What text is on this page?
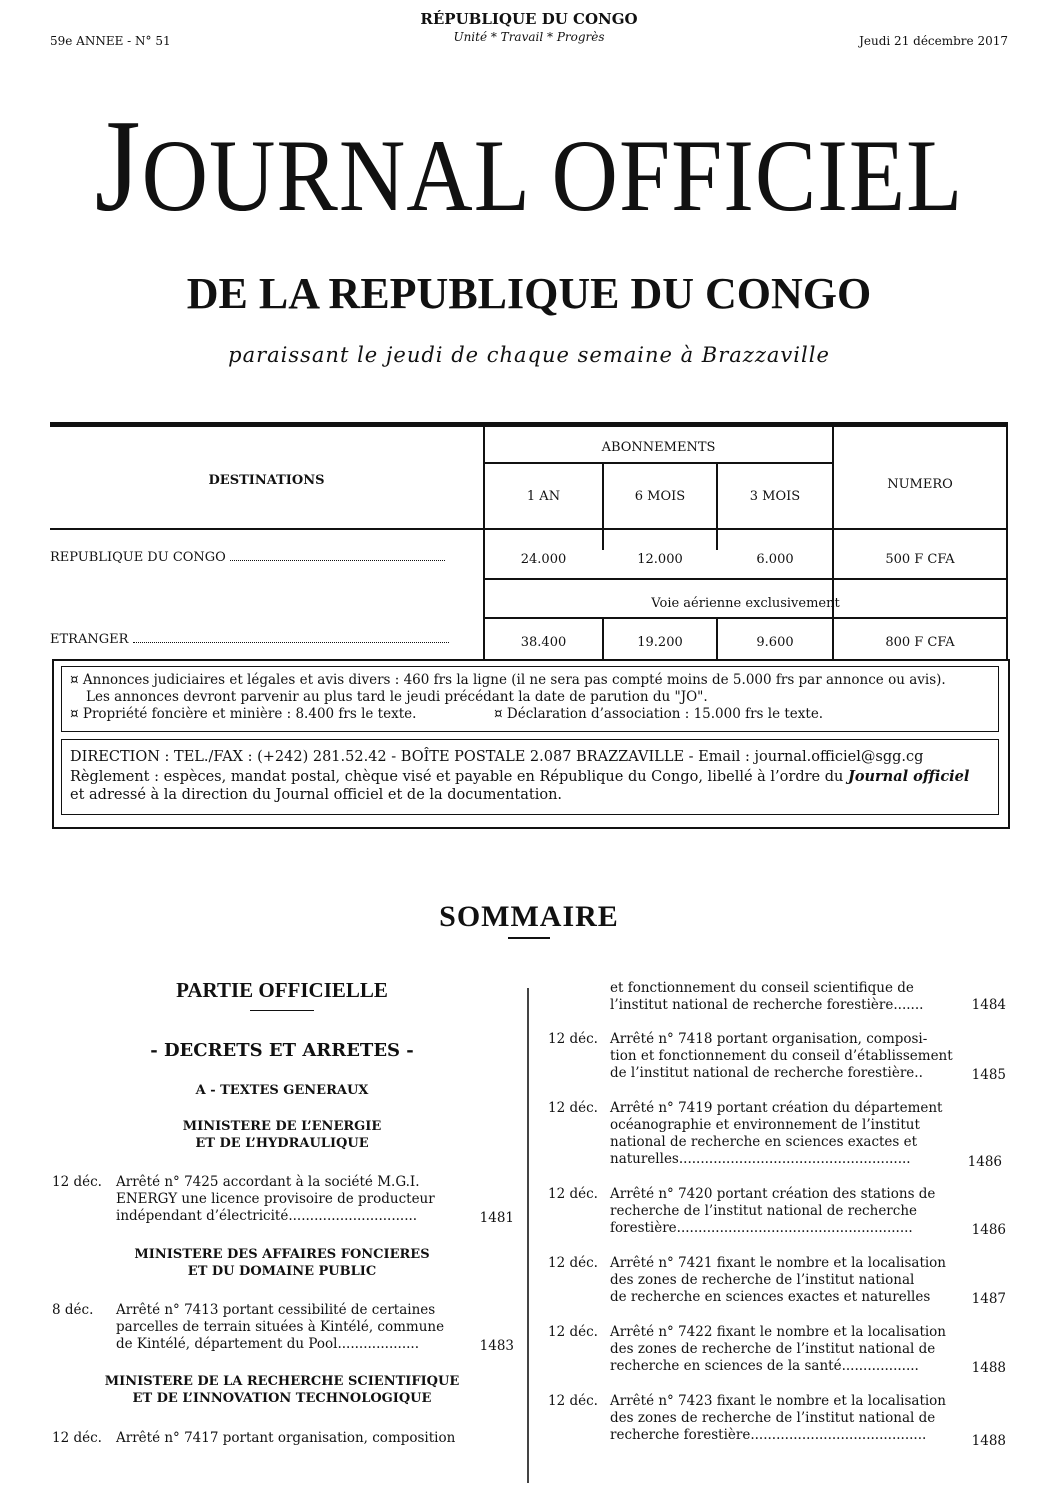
59e ANNEE - N° 51
RÉPUBLIQUE DU CONGO
Unité * Travail * Progrès	Jeudi 21 décembre 2017
JOURNAL OFFICIEL
DE LA REPUBLIQUE DU CONGO
paraissant le jeudi de chaque semaine à Brazzaville
DESTINATIONS
ABONNEMENTS
NUMERO
1 AN	6 MOIS	3 MOIS
REPUBLIQUE DU CONGO	24.000	12.000	6.000	500 F CFA
Voie aérienne exclusivement
ETRANGER	38.400	19.200	9.600	800 F CFA
¤ Annonces judiciaires et légales et avis divers : 460 frs la ligne (il ne sera pas compté moins de 5.000 frs par annonce ou avis).
Les annonces devront parvenir au plus tard le jeudi précédant la date de parution du "JO".
¤ Propriété foncière et minière : 8.400 frs le texte.	¤ Déclaration d’association : 15.000 frs le texte.
DIRECTION : TEL./FAX : (+242) 281.52.42 - BOÎTE POSTALE 2.087 BRAZZAVILLE - Email : journal.officiel@sgg.cg
Règlement : espèces, mandat postal, chèque visé et payable en République du Congo, libellé à l’ordre du Journal officiel
et adressé à la direction du Journal officiel et de la documentation.
SOMMAIRE
PARTIE OFFICIELLE
- DECRETS ET ARRETES -
A - TEXTES GENERAUX
MINISTERE DE L’ENERGIE
ET DE L’HYDRAULIQUE
12 déc. Arrêté n° 7425 accordant à la société M.G.I.
ENERGY une licence provisoire de producteur
indépendant d’électricité..............................	1481
MINISTERE DES AFFAIRES FONCIERES
ET DU DOMAINE PUBLIC
8 déc. Arrêté n° 7413 portant cessibilité de certaines
parcelles de terrain situées à Kintélé, commune
de Kintélé, département du Pool...................	1483
MINISTERE DE LA RECHERCHE SCIENTIFIQUE
ET DE L’INNOVATION TECHNOLOGIQUE
12 déc. Arrêté n° 7417 portant organisation, composition
et fonctionnement du conseil scientifique de
l’institut national de recherche forestière.......	1484
12 déc. Arrêté n° 7418 portant organisation, composi-
tion et fonctionnement du conseil d’établissement
de l’institut national de recherche forestière..	1485
12 déc. Arrêté n° 7419 portant création du département
océanographie et environnement de l’institut
national de recherche en sciences exactes et
naturelles......................................................	1486
12 déc. Arrêté n° 7420 portant création des stations de
recherche de l’institut national de recherche
forestière.......................................................	1486
12 déc. Arrêté n° 7421 fixant le nombre et la localisation
des zones de recherche de l’institut national
de recherche en sciences exactes et naturelles	1487
12 déc. Arrêté n° 7422 fixant le nombre et la localisation
des zones de recherche de l’institut national de
recherche en sciences de la santé..................	1488
12 déc. Arrêté n° 7423 fixant le nombre et la localisation
des zones de recherche de l’institut national de
recherche forestière.........................................	1488
